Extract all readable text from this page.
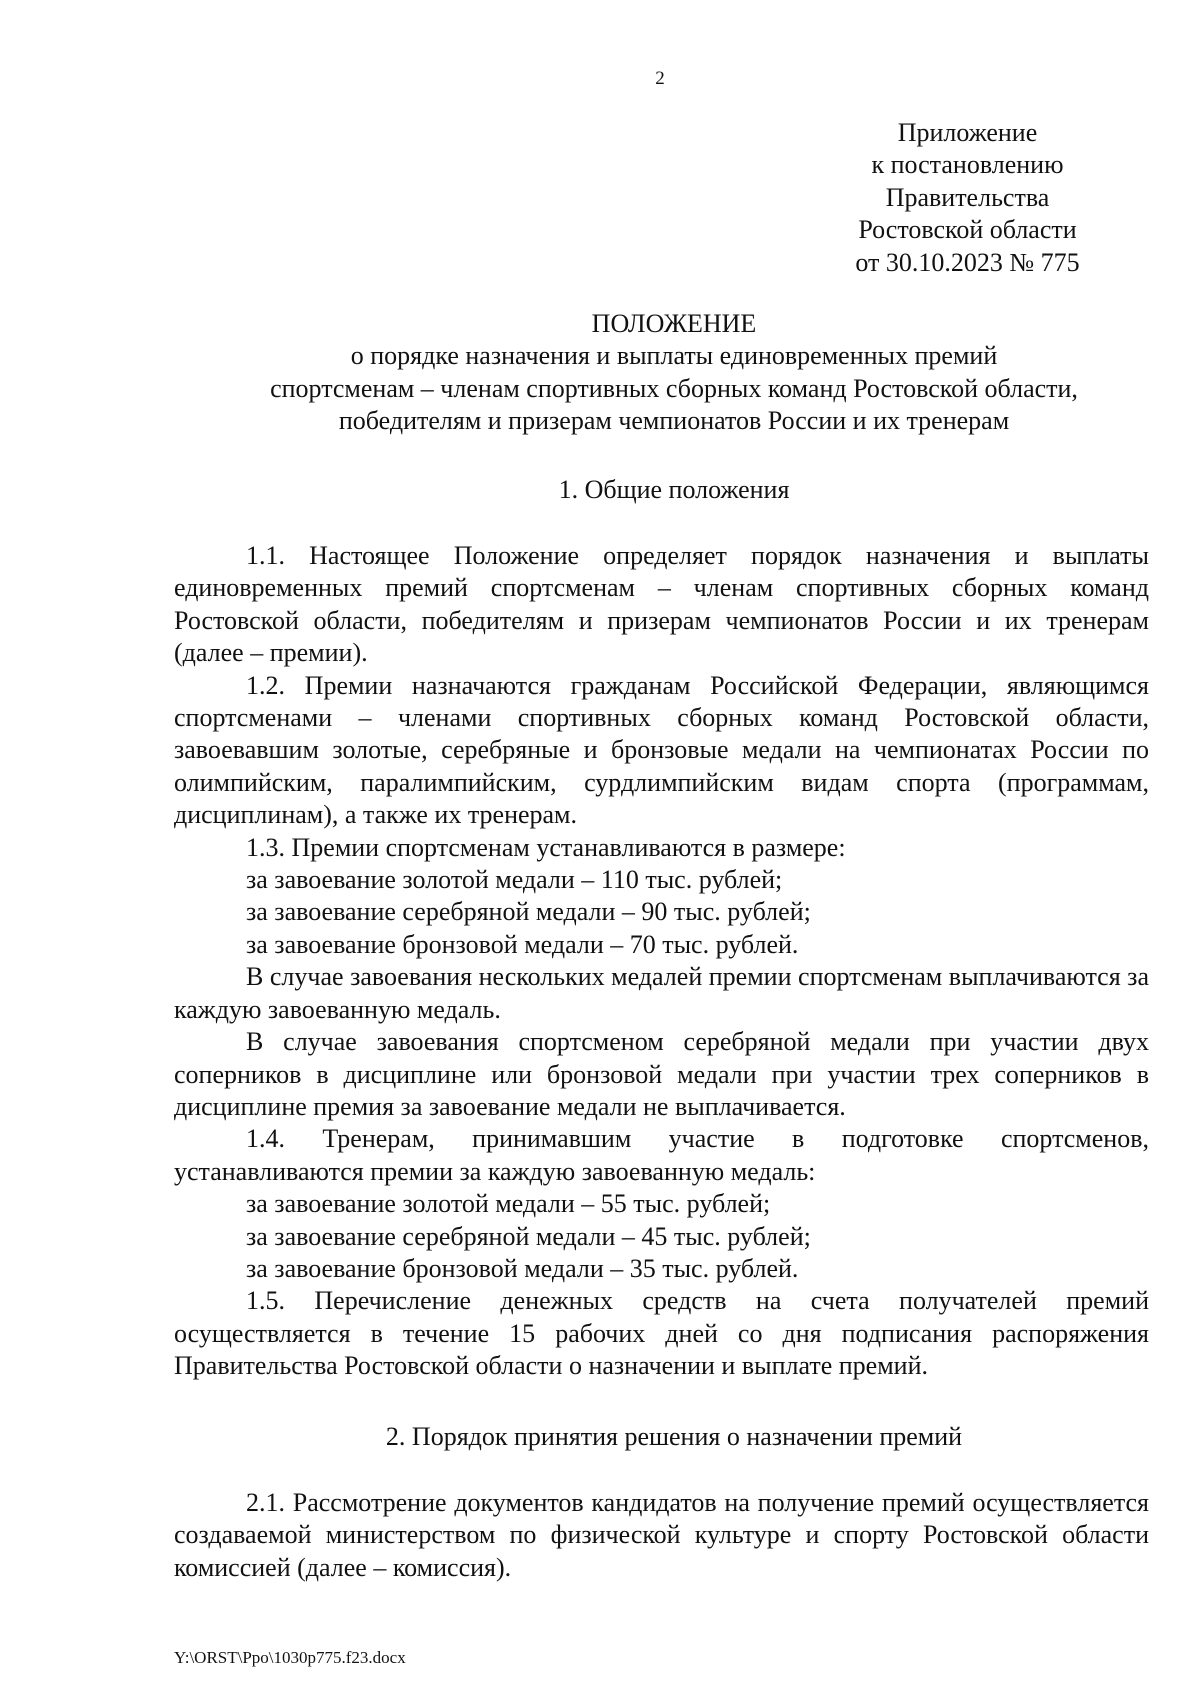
2
Приложение
к постановлению
Правительства
Ростовской области
от 30.10.2023 № 775
ПОЛОЖЕНИЕ
о порядке назначения и выплаты единовременных премий
спортсменам – членам спортивных сборных команд Ростовской области,
победителям и призерам чемпионатов России и их тренерам
1. Общие положения

1.1. Настоящее Положение определяет порядок назначения и выплаты единовременных премий спортсменам – членам спортивных сборных команд Ростовской области, победителям и призерам чемпионатов России и их тренерам (далее – премии).

1.2. Премии назначаются гражданам Российской Федерации, являющимся спортсменами – членами спортивных сборных команд Ростовской области, завоевавшим золотые, серебряные и бронзовые медали на чемпионатах России по олимпийским, паралимпийским, сурдлимпийским видам спорта (программам, дисциплинам), а также их тренерам.

1.3. Премии спортсменам устанавливаются в размере:

за завоевание золотой медали – 110 тыс. рублей;

за завоевание серебряной медали – 90 тыс. рублей;

за завоевание бронзовой медали – 70 тыс. рублей.

В случае завоевания нескольких медалей премии спортсменам выплачиваются за каждую завоеванную медаль.

В случае завоевания спортсменом серебряной медали при участии двух соперников в дисциплине или бронзовой медали при участии трех соперников в дисциплине премия за завоевание медали не выплачивается.

1.4. Тренерам, принимавшим участие в подготовке спортсменов, устанавливаются премии за каждую завоеванную медаль:

за завоевание золотой медали – 55 тыс. рублей;

за завоевание серебряной медали – 45 тыс. рублей;

за завоевание бронзовой медали – 35 тыс. рублей.

1.5. Перечисление денежных средств на счета получателей премий осуществляется в течение 15 рабочих дней со дня подписания распоряжения Правительства Ростовской области о назначении и выплате премий.

2. Порядок принятия решения о назначении премий

2.1. Рассмотрение документов кандидатов на получение премий осуществляется создаваемой министерством по физической культуре и спорту Ростовской области комиссией (далее – комиссия).

Y:\ORST\Ppo\1030p775.f23.docx
